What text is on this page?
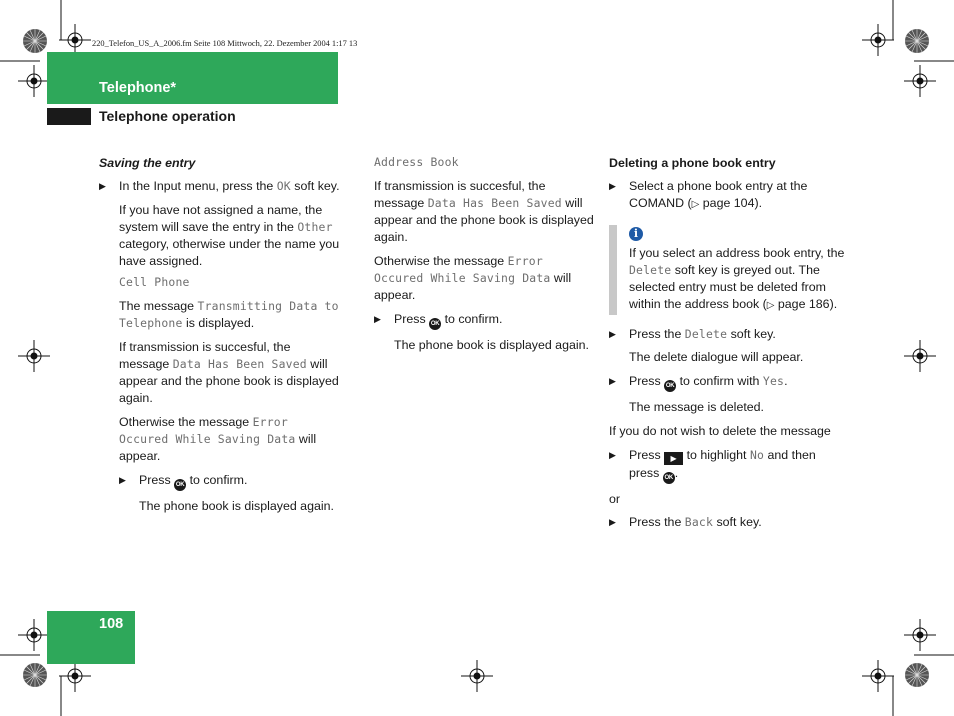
220_Telefon_US_A_2006.fm Seite 108 Mittwoch, 22. Dezember 2004 1:17 13
Telephone*
Telephone operation

Saving the entry

▶ In the Input menu, press the OK soft key.

If you have not assigned a name, the system will save the entry in the Other category, otherwise under the name you have assigned.

Cell Phone

The message Transmitting Data to Telephone is displayed.

If transmission is succesful, the message Data Has Been Saved will appear and the phone book is displayed again.

Otherwise the message Error Occured While Saving Data will appear.

▶ Press OK to confirm.

The phone book is displayed again.

Address Book

If transmission is succesful, the message Data Has Been Saved will appear and the phone book is displayed again.

Otherwise the message Error Occured While Saving Data will appear.

▶ Press OK to confirm.

The phone book is displayed again.

Deleting a phone book entry

▶ Select a phone book entry at the COMAND (▷ page 104).
i

If you select an address book entry, the Delete soft key is greyed out. The selected entry must be deleted from within the address book (▷ page 186).

▶ Press the Delete soft key.

The delete dialogue will appear.

▶ Press OK to confirm with Yes.

The message is deleted.

If you do not wish to delete the message

▶ Press ▶ to highlight No and then press OK .

or

▶ Press the Back soft key.
108
